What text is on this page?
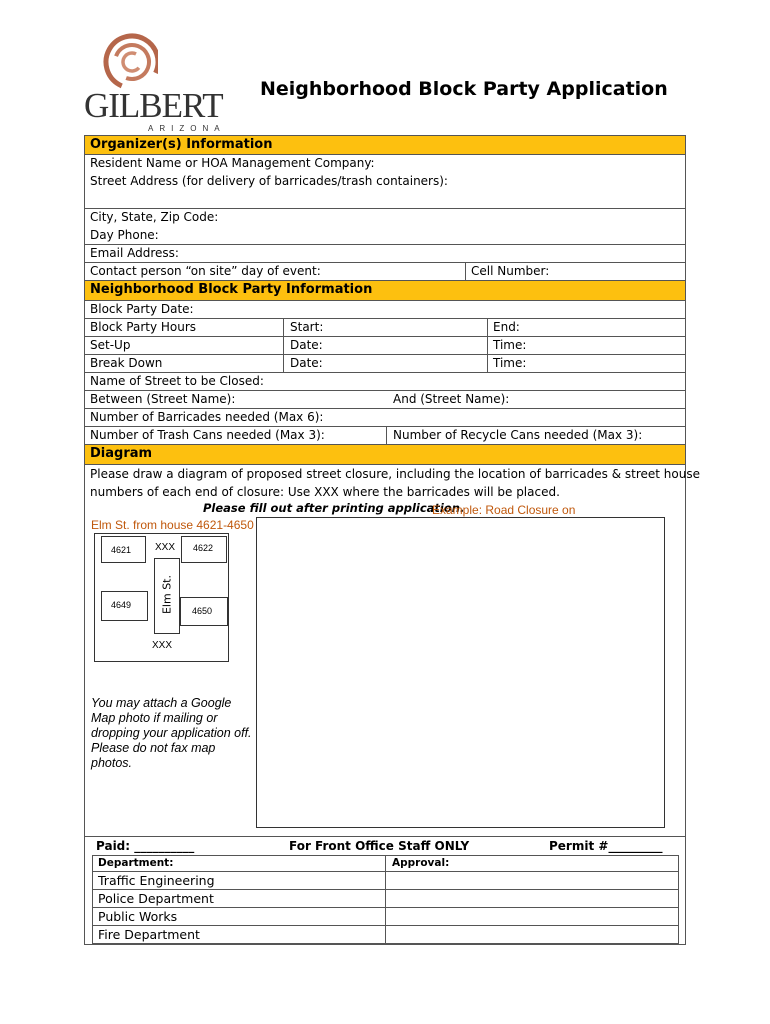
GILBERT
ARIZONA
Neighborhood Block Party Application
Organizer(s) Information
Resident Name or HOA Management Company:
Street Address (for delivery of barricades/trash containers):
City, State, Zip Code:
Day Phone:
Email Address:
Contact person “on site” day of event:	Cell Number:
Neighborhood Block Party Information
Block Party Date:
Block Party Hours	Start:	End:
Set-Up	Date:	Time:
Break Down	Date:	Time:
Name of Street to be Closed:
Between (Street Name):	And (Street Name):
Number of Barricades needed (Max 6):
Number of Trash Cans needed (Max 3):	Number of Recycle Cans needed (Max 3):
Diagram
Please draw a diagram of proposed street closure, including the location of barricades & street house
numbers of each end of closure: Use XXX where the barricades will be placed.
Please fill out after printing application.
Example: Road Closure on
Elm St. from house 4621-4650
4621	4622
XXX
Elm St.
4649
4650
XXX
You may attach a Google
Map photo if mailing or
dropping your application off.
Please do not fax map
photos.
Paid: __________	For Front Office Staff ONLY	Permit #_________
Department:	Approval:
Traffic Engineering
Police Department
Public Works
Fire Department
